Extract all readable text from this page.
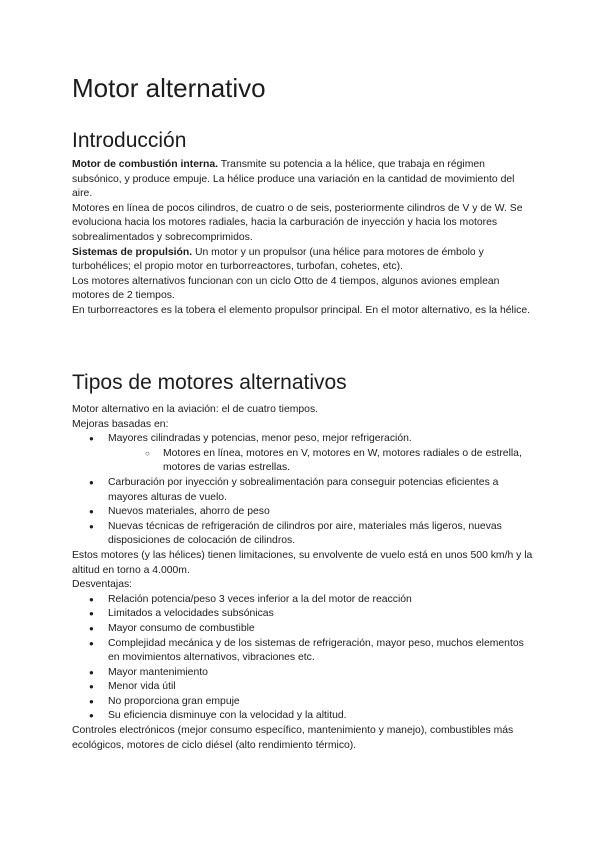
Motor alternativo
Introducción

Motor de combustión interna. Transmite su potencia a la hélice, que trabaja en régimen subsónico, y produce empuje. La hélice produce una variación en la cantidad de movimiento del aire.

Motores en línea de pocos cilindros, de cuatro o de seis, posteriormente cilindros de V y de W. Se evoluciona hacia los motores radiales, hacia la carburación de inyección y hacia los motores sobrealimentados y sobrecomprimidos.

Sistemas de propulsión. Un motor y un propulsor (una hélice para motores de émbolo y turbohélices; el propio motor en turborreactores, turbofan, cohetes, etc).

Los motores alternativos funcionan con un ciclo Otto de 4 tiempos, algunos aviones emplean motores de 2 tiempos.

En turborreactores es la tobera el elemento propulsor principal. En el motor alternativo, es la hélice.

Tipos de motores alternativos

Motor alternativo en la aviación: el de cuatro tiempos.

Mejoras basadas en:

● Mayores cilindradas y potencias, menor peso, mejor refrigeración.
○ Motores en línea, motores en V, motores en W, motores radiales o de estrella, motores de varias estrellas.
● Carburación por inyección y sobrealimentación para conseguir potencias eficientes a mayores alturas de vuelo.
● Nuevos materiales, ahorro de peso
● Nuevas técnicas de refrigeración de cilindros por aire, materiales más ligeros, nuevas disposiciones de colocación de cilindros.

Estos motores (y las hélices) tienen limitaciones, su envolvente de vuelo está en unos 500 km/h y la altitud en torno a 4.000m.

Desventajas:

● Relación potencia/peso 3 veces inferior a la del motor de reacción
● Limitados a velocidades subsónicas
● Mayor consumo de combustible
● Complejidad mecánica y de los sistemas de refrigeración, mayor peso, muchos elementos en movimientos alternativos, vibraciones etc.
● Mayor mantenimiento
● Menor vida útil
● No proporciona gran empuje
● Su eficiencia disminuye con la velocidad y la altitud.

Controles electrónicos (mejor consumo específico, mantenimiento y manejo), combustibles más ecológicos, motores de ciclo diésel (alto rendimiento térmico).
